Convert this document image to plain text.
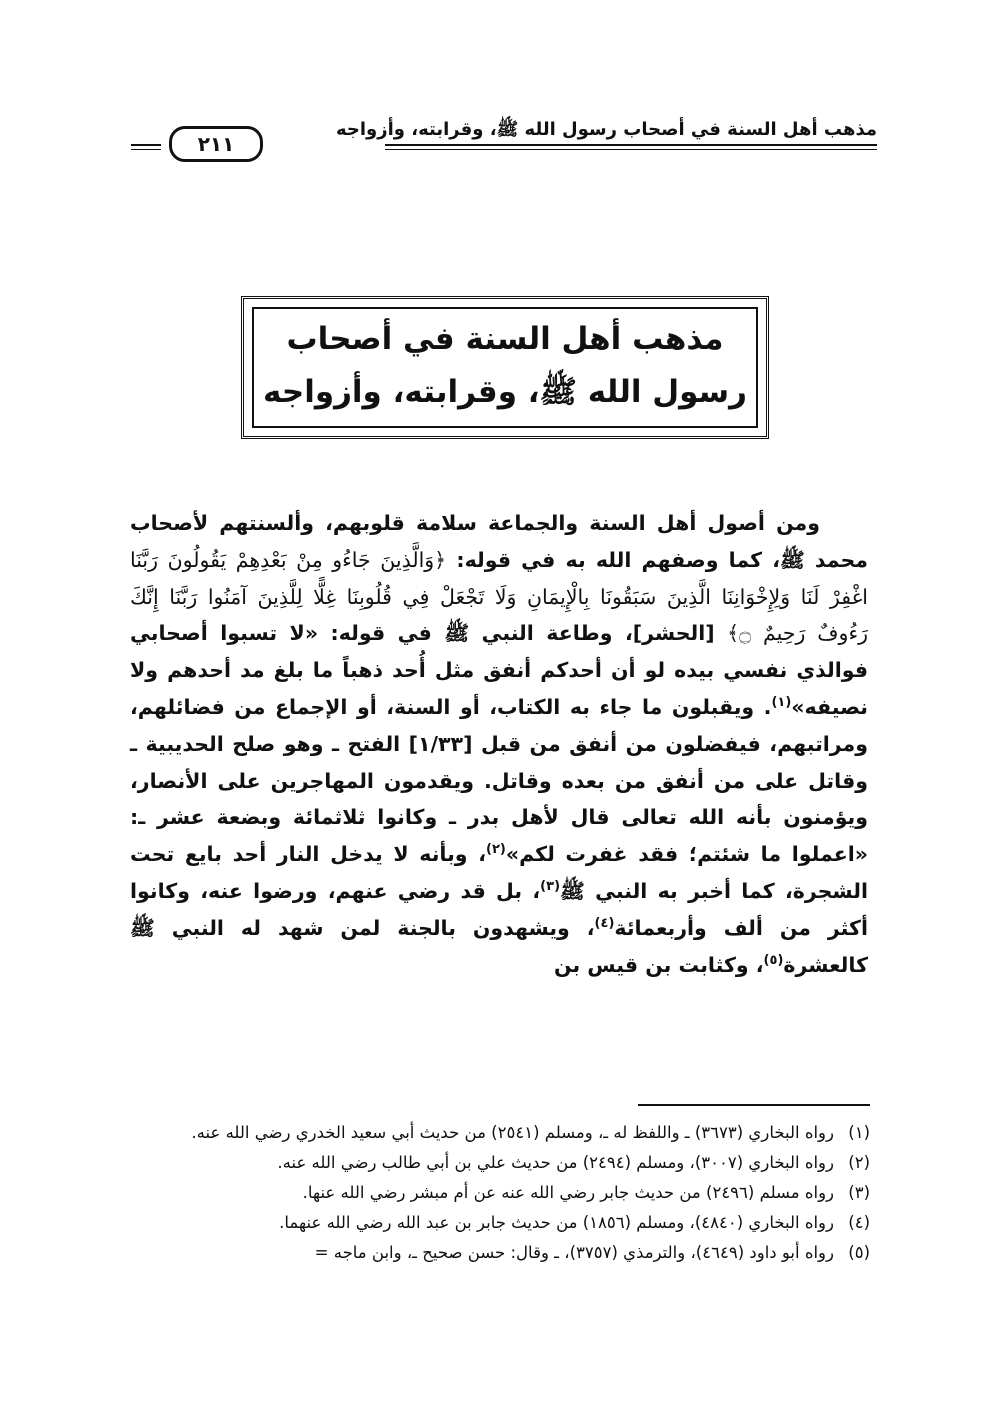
مذهب أهل السنة في أصحاب رسول الله ﷺ، وقرابته، وأزواجه
٢١١
مذهب أهل السنة في أصحاب
رسول الله ﷺ، وقرابته، وأزواجه

ومن أصول أهل السنة والجماعة سلامة قلوبهم، وألسنتهم لأصحاب محمد ﷺ، كما وصفهم الله به في قوله: ﴿وَالَّذِينَ جَاءُو مِنْ بَعْدِهِمْ يَقُولُونَ رَبَّنَا اغْفِرْ لَنَا وَلِإِخْوَانِنَا الَّذِينَ سَبَقُونَا بِالْإِيمَانِ وَلَا تَجْعَلْ فِي قُلُوبِنَا غِلًّا لِلَّذِينَ آمَنُوا رَبَّنَا إِنَّكَ رَءُوفٌ رَحِيمٌ ۝﴾ [الحشر]، وطاعة النبي ﷺ في قوله: «لا تسبوا أصحابي فوالذي نفسي بيده لو أن أحدكم أنفق مثل أُحد ذهباً ما بلغ مد أحدهم ولا نصيفه»$^{(١)}$. ويقبلون ما جاء به الكتاب، أو السنة، أو الإجماع من فضائلهم، ومراتبهم، فيفضلون من أنفق من قبل [١/٣٣] الفتح ـ وهو صلح الحديبية ـ وقاتل على من أنفق من بعده وقاتل. ويقدمون المهاجرين على الأنصار، ويؤمنون بأنه الله تعالى قال لأهل بدر ـ وكانوا ثلاثمائة وبضعة عشر ـ: «اعملوا ما شئتم؛ فقد غفرت لكم»$^{(٢)}$، وبأنه لا يدخل النار أحد بايع تحت الشجرة، كما أخبر به النبي ﷺ$^{(٣)}$، بل قد رضي عنهم، ورضوا عنه، وكانوا أكثر من ألف وأربعمائة$^{(٤)}$، ويشهدون بالجنة لمن شهد له النبي ﷺ كالعشرة$^{(٥)}$، وكثابت بن قيس بن

(١)
رواه البخاري (٣٦٧٣) ـ واللفظ له ـ، ومسلم (٢٥٤١) من حديث أبي سعيد الخدري رضي الله عنه.
(٢)
رواه البخاري (٣٠٠٧)، ومسلم (٢٤٩٤) من حديث علي بن أبي طالب رضي الله عنه.
(٣)
رواه مسلم (٢٤٩٦) من حديث جابر رضي الله عنه عن أم مبشر رضي الله عنها.
(٤)
رواه البخاري (٤٨٤٠)، ومسلم (١٨٥٦) من حديث جابر بن عبد الله رضي الله عنهما.
(٥)
رواه أبو داود (٤٦٤٩)، والترمذي (٣٧٥٧)، ـ وقال: حسن صحيح ـ، وابن ماجه =
